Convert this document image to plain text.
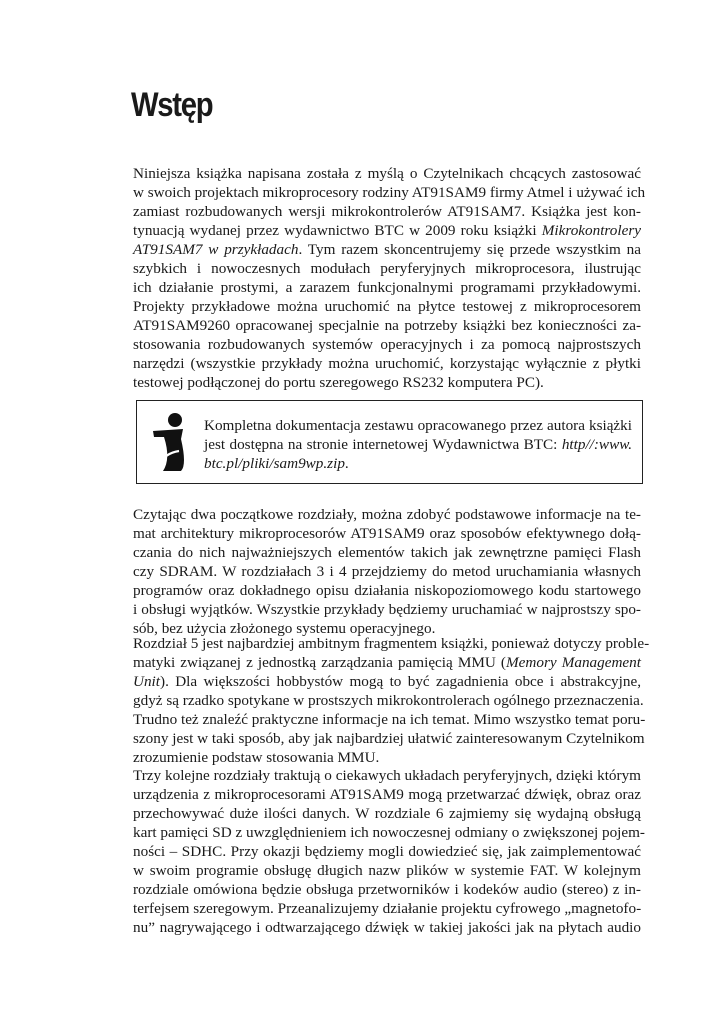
Wstęp
Niniejsza książka napisana została z myślą o Czytelnikach chcących zastosować
w swoich projektach mikroprocesory rodziny AT91SAM9 firmy Atmel i używać ich
zamiast rozbudowanych wersji mikrokontrolerów AT91SAM7. Książka jest kon-
tynuacją wydanej przez wydawnictwo BTC w 2009 roku książki Mikrokontrolery
AT91SAM7 w przykładach. Tym razem skoncentrujemy się przede wszystkim na
szybkich i nowoczesnych modułach peryferyjnych mikroprocesora, ilustrując
ich działanie prostymi, a zarazem funkcjonalnymi programami przykładowymi.
Projekty przykładowe można uruchomić na płytce testowej z mikroprocesorem
AT91SAM9260 opracowanej specjalnie na potrzeby książki bez konieczności za-
stosowania rozbudowanych systemów operacyjnych i za pomocą najprostszych
narzędzi (wszystkie przykłady można uruchomić, korzystając wyłącznie z płytki
testowej podłączonej do portu szeregowego RS232 komputera PC).

Kompletna dokumentacja zestawu opracowanego przez autora książki
jest dostępna na stronie internetowej Wydawnictwa BTC: http//:www.
btc.pl/pliki/sam9wp.zip.

Czytając dwa początkowe rozdziały, można zdobyć podstawowe informacje na te-
mat architektury mikroprocesorów AT91SAM9 oraz sposobów efektywnego dołą-
czania do nich najważniejszych elementów takich jak zewnętrzne pamięci Flash
czy SDRAM. W rozdziałach 3 i 4 przejdziemy do metod uruchamiania własnych
programów oraz dokładnego opisu działania niskopoziomowego kodu startowego
i obsługi wyjątków. Wszystkie przykłady będziemy uruchamiać w najprostszy spo-
sób, bez użycia złożonego systemu operacyjnego.
Rozdział 5 jest najbardziej ambitnym fragmentem książki, ponieważ dotyczy proble-
matyki związanej z jednostką zarządzania pamięcią MMU (Memory Management
Unit). Dla większości hobbystów mogą to być zagadnienia obce i abstrakcyjne,
gdyż są rzadko spotykane w prostszych mikrokontrolerach ogólnego przeznaczenia.
Trudno też znaleźć praktyczne informacje na ich temat. Mimo wszystko temat poru-
szony jest w taki sposób, aby jak najbardziej ułatwić zainteresowanym Czytelnikom
zrozumienie podstaw stosowania MMU.
Trzy kolejne rozdziały traktują o ciekawych układach peryferyjnych, dzięki którym
urządzenia z mikroprocesorami AT91SAM9 mogą przetwarzać dźwięk, obraz oraz
przechowywać duże ilości danych. W rozdziale 6 zajmiemy się wydajną obsługą
kart pamięci SD z uwzględnieniem ich nowoczesnej odmiany o zwiększonej pojem-
ności – SDHC. Przy okazji będziemy mogli dowiedzieć się, jak zaimplementować
w swoim programie obsługę długich nazw plików w systemie FAT. W kolejnym
rozdziale omówiona będzie obsługa przetworników i kodeków audio (stereo) z in-
terfejsem szeregowym. Przeanalizujemy działanie projektu cyfrowego „magnetofo-
nu” nagrywającego i odtwarzającego dźwięk w takiej jakości jak na płytach audio
